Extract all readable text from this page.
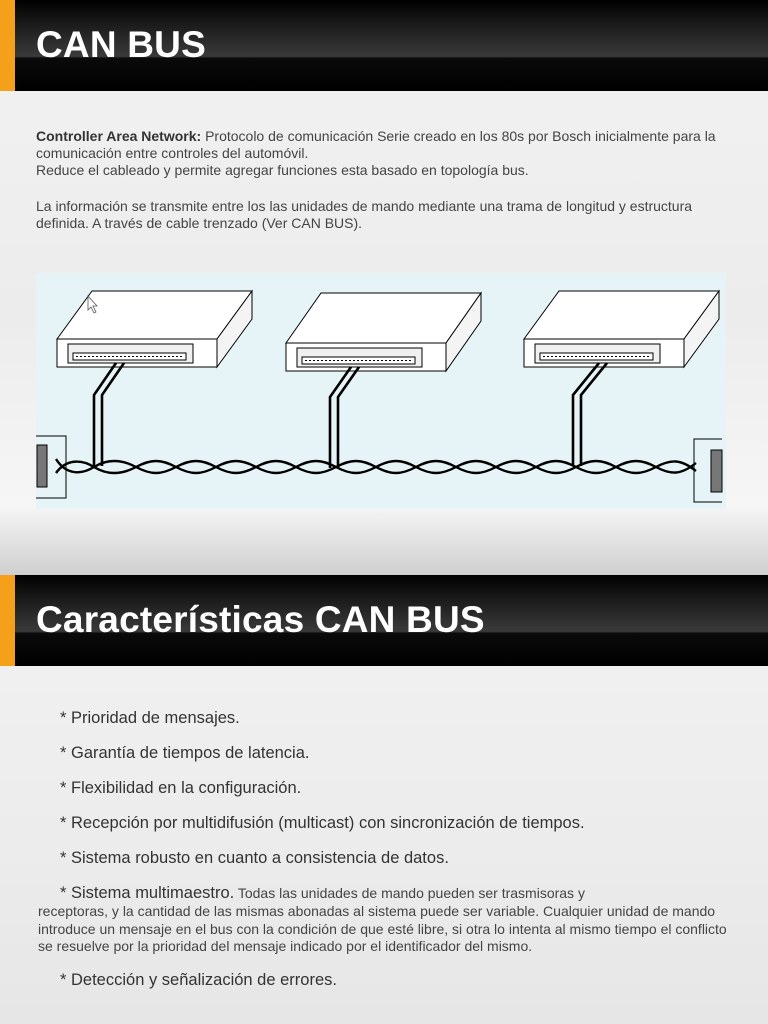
CAN BUS
Controller Area Network: Protocolo de comunicación Serie creado en los 80s por Bosch inicialmente para la comunicación entre controles del automóvil.
Reduce el cableado y permite agregar funciones esta basado en topología bus.
La información se transmite entre los las unidades de mando mediante una trama de longitud y estructura definida. A través de cable trenzado (Ver CAN BUS).
Características CAN BUS
* Prioridad de mensajes.
* Garantía de tiempos de latencia.
* Flexibilidad en la configuración.
* Recepción por multidifusión (multicast) con sincronización de tiempos.
* Sistema robusto en cuanto a consistencia de datos.
* Sistema multimaestro. Todas las unidades de mando pueden ser trasmisoras y
receptoras, y la cantidad de las mismas abonadas al sistema puede ser variable. Cualquier unidad de mando introduce un mensaje en el bus con la condición de que esté libre, si otra lo intenta al mismo tiempo el conflicto se resuelve por la prioridad del mensaje indicado por el identificador del mismo.
* Detección y señalización de errores.
